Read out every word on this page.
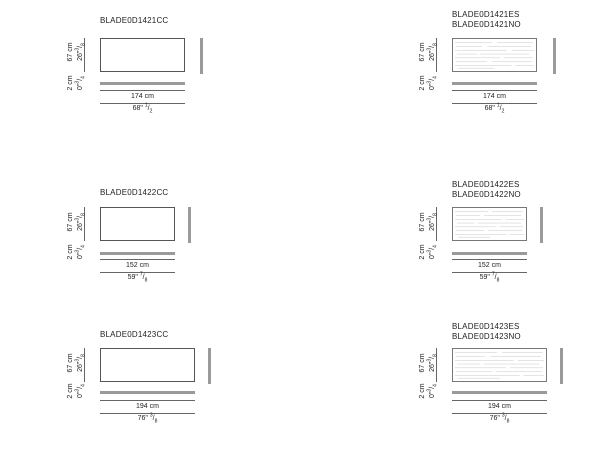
BLADE0D1421CC
174 cm
68" $^1/_2$
67 cm $26"^3/_8$
2 cm $0"^3/_4$
BLADE0D1421ES
BLADE0D1421NO
174 cm
68" $^1/_2$
67 cm $26"^3/_8$
2 cm $0"^3/_4$
BLADE0D1422CC
152 cm
59" $^7/_8$
67 cm $26"^3/_8$
2 cm $0"^3/_4$
BLADE0D1422ES
BLADE0D1422NO
152 cm
59" $^7/_8$
67 cm $26"^3/_8$
2 cm $0"^3/_4$
BLADE0D1423CC
194 cm
76" $^3/_8$
67 cm $26"^3/_8$
2 cm $0"^3/_4$
BLADE0D1423ES
BLADE0D1423NO
194 cm
76" $^3/_8$
67 cm $26"^3/_8$
2 cm $0"^3/_4$
